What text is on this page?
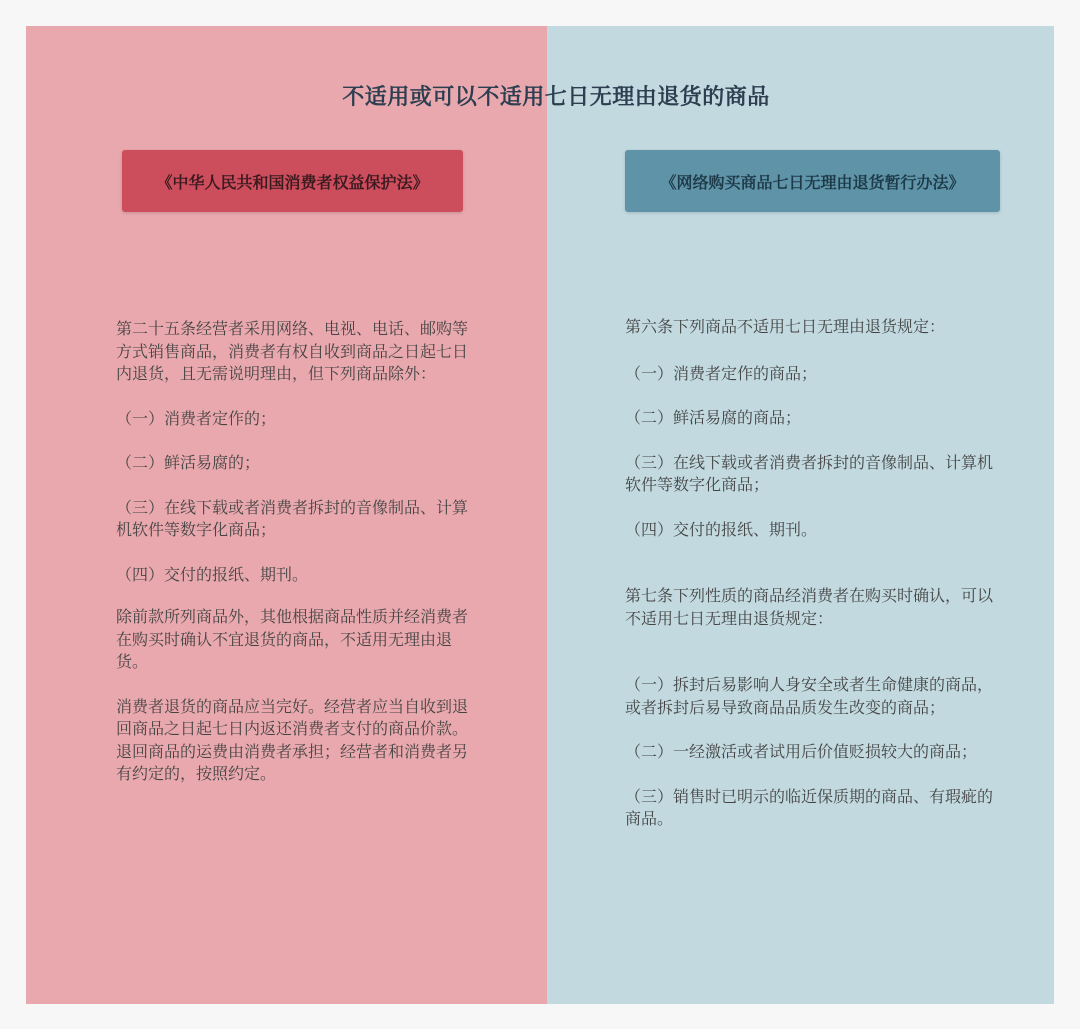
不适用或可以不适用七日无理由退货的商品
《中华人民共和国消费者权益保护法》	《网络购买商品七日无理由退货暂行办法》

第二十五条经营者采用网络、电视、电话、邮购等方式销售商品，消费者有权自收到商品之日起七日内退货，且无需说明理由，但下列商品除外：

（一）消费者定作的；

（二）鲜活易腐的；

（三）在线下载或者消费者拆封的音像制品、计算机软件等数字化商品；

（四）交付的报纸、期刊。

除前款所列商品外，其他根据商品性质并经消费者在购买时确认不宜退货的商品，不适用无理由退货。

消费者退货的商品应当完好。经营者应当自收到退回商品之日起七日内返还消费者支付的商品价款。退回商品的运费由消费者承担；经营者和消费者另有约定的，按照约定。

第六条下列商品不适用七日无理由退货规定：

（一）消费者定作的商品；

（二）鲜活易腐的商品；

（三）在线下载或者消费者拆封的音像制品、计算机软件等数字化商品；

（四）交付的报纸、期刊。

第七条下列性质的商品经消费者在购买时确认，可以不适用七日无理由退货规定：

（一）拆封后易影响人身安全或者生命健康的商品，或者拆封后易导致商品品质发生改变的商品；

（二）一经激活或者试用后价值贬损较大的商品；

（三）销售时已明示的临近保质期的商品、有瑕疵的商品。
